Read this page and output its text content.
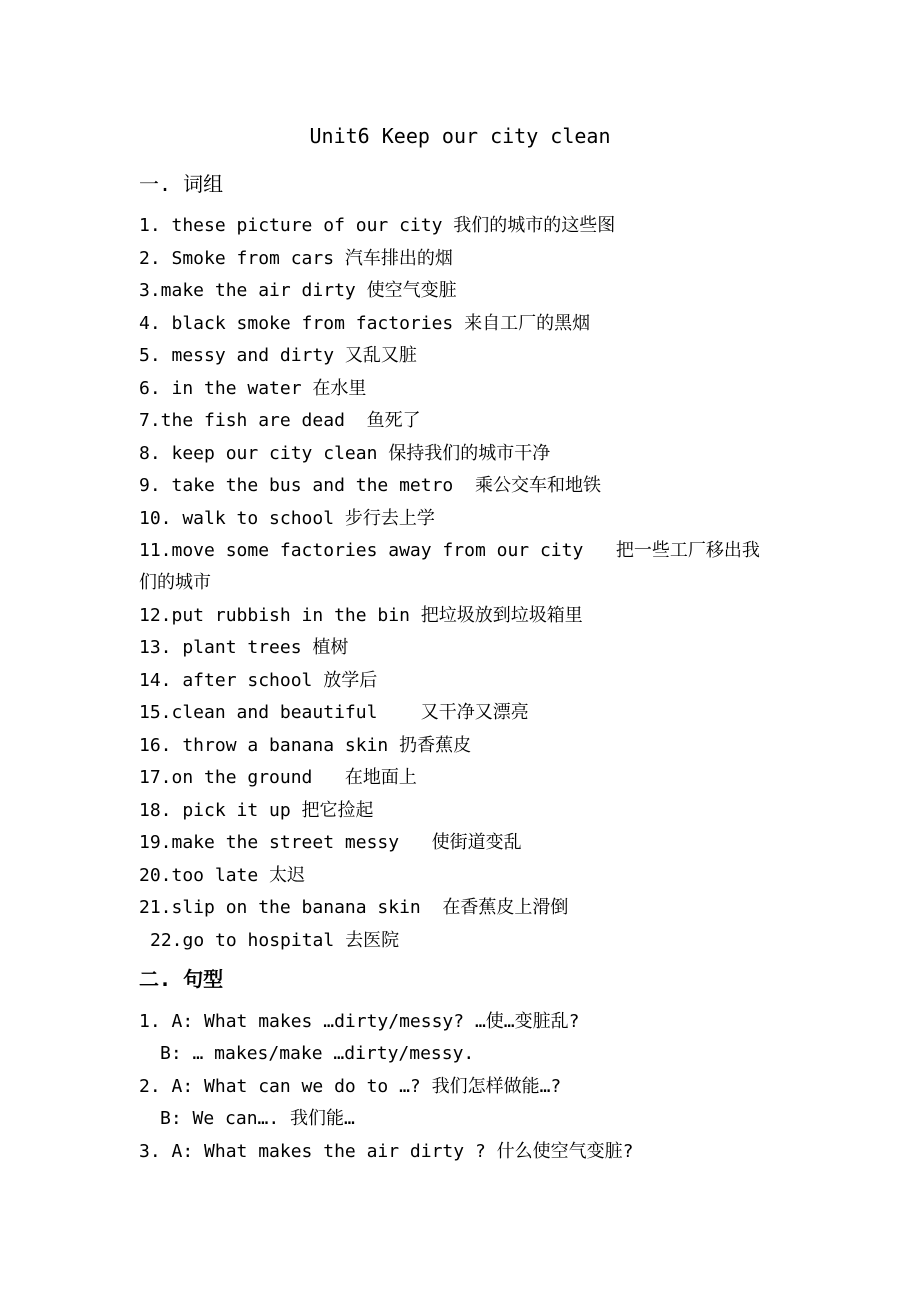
Unit6 Keep our city clean
一. 词组
1. these picture of our city 我们的城市的这些图
2. Smoke from cars 汽车排出的烟
3.make the air dirty 使空气变脏
4. black smoke from factories 来自工厂的黑烟
5. messy and dirty 又乱又脏
6. in the water 在水里
7.the fish are dead  鱼死了
8. keep our city clean 保持我们的城市干净
9. take the bus and the metro  乘公交车和地铁
10. walk to school 步行去上学
11.move some factories away from our city   把一些工厂移出我
们的城市
12.put rubbish in the bin 把垃圾放到垃圾箱里
13. plant trees 植树
14. after school 放学后
15.clean and beautiful    又干净又漂亮
16. throw a banana skin 扔香蕉皮
17.on the ground   在地面上
18. pick it up 把它捡起
19.make the street messy   使街道变乱
20.too late 太迟
21.slip on the banana skin  在香蕉皮上滑倒
22.go to hospital 去医院
二. 句型
1. A: What makes …dirty/messy? …使…变脏乱?
B: … makes/make …dirty/messy.
2. A: What can we do to …? 我们怎样做能…?
B: We can…. 我们能…
3. A: What makes the air dirty ? 什么使空气变脏?
